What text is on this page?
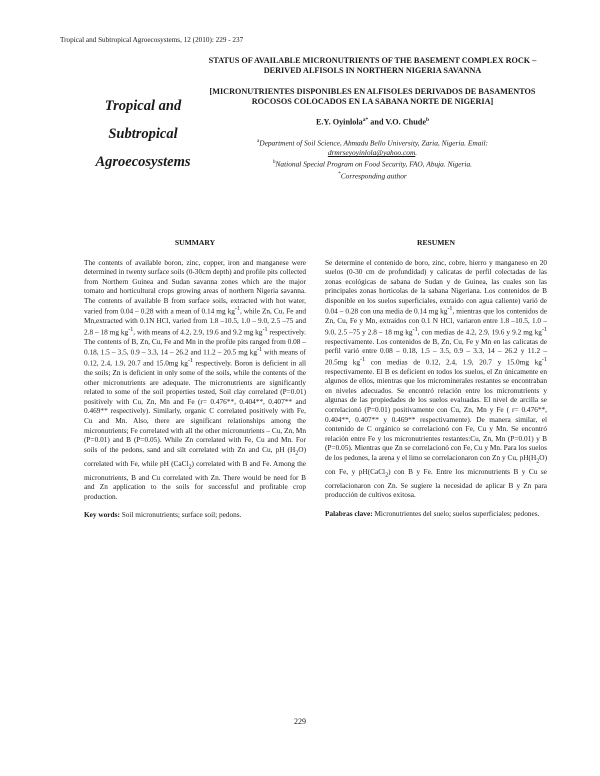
Tropical and Subtropical Agroecosystems, 12 (2010): 229 - 237
Tropical and
Subtropical
Agroecosystems
STATUS OF AVAILABLE MICRONUTRIENTS OF THE BASEMENT COMPLEX ROCK – DERIVED ALFISOLS IN NORTHERN NIGERIA SAVANNA
[MICRONUTRIENTES DISPONIBLES EN ALFISOLES DERIVADOS DE BASAMENTOS ROCOSOS COLOCADOS EN LA SABANA NORTE DE NIGERIA]
E.Y. Oyinlola$^{a*}$ and V.O. Chude$^b$
$^a$Department of Soil Science, Ahmadu Bello University, Zaria, Nigeria. Email:
drmrseyoyinlola@yahoo.com.
$^b$National Special Program on Food Security, FAO, Abuja. Nigeria.
*Corresponding author
SUMMARY
The contents of available boron, zinc, copper, iron and manganese were determined in twenty surface soils (0-30cm depth) and profile pits collected from Northern Guinea and Sudan savanna zones which are the major tomato and horticultural crops growing areas of northern Nigeria savanna. The contents of available B from surface soils, extracted with hot water, varied from 0.04 – 0.28 with a mean of 0.14 mg $kg^{-1}$, while Zn, Cu, Fe and Mn,extracted with 0.1N HCl, varied from 1.8 –10.5, 1.0 – 9.0, 2.5 –75 and 2.8 – 18 mg $kg^{-1}$, with means of 4.2, 2.9, 19.6 and 9.2 mg $kg^{-1}$ respectively. The contents of B, Zn, Cu, Fe and Mn in the profile pits ranged from 0.08 – 0.18, 1.5 – 3.5, 0.9 – 3.3, 14 – 26.2 and 11.2 – 20.5 mg $kg^{-1}$ with means of 0.12, 2.4, 1.9, 20.7 and 15.0mg $kg^{-1}$ respectively. Boron is deficient in all the soils; Zn is deficient in only some of the soils, while the contents of the other micronutrients are adequate. The micronutrients are significantly related to some of the soil properties tested, Soil clay correlated (P=0.01) positively with Cu, Zn, Mn and Fe (r= 0.476**, 0.404**, 0.407** and 0.469** respectively). Similarly, organic C correlated positively with Fe, Cu and Mn. Also, there are significant relationships among the micronutrients; Fe correlated with all the other micronutrients – Cu, Zn, Mn (P=0.01) and B (P=0.05). While Zn correlated with Fe, Cu and Mn. For soils of the pedons, sand and silt correlated with Zn and Cu, pH $(H_2O)$ correlated with Fe, while pH (CaCl$_2$) correlated with B and Fe. Among the micronutrients, B and Cu correlated with Zn. There would be need for B and Zn application to the soils for successful and profitable crop production.
Key words: Soil micronutrients; surface soil; pedons.
RESUMEN
Se determine el contenido de boro, zinc, cobre, hierro y manganeso en 20 suelos (0-30 cm de profundidad) y calicatas de perfil colectadas de las zonas ecológicas de sabana de Sudan y de Guinea, las cuales son las principales zonas horticolas de la sabana Nigeriana. Los contenidos de B disponible en los suelos superficiales, extraido con agua caliente) varió de 0.04 – 0.28 con una media de 0.14 mg $kg^{-1}$, mientras que los contenidos de Zn, Cu, Fe y Mn, extraidos con 0.1 N HCl, variaron entre 1.8 –10.5, 1.0 – 9.0, 2.5 –75 y 2.8 – 18 mg $kg^{-1}$, con medias de 4.2, 2.9, 19.6 y 9.2 mg $kg^{-1}$ respectivamente. Los contenidos de B, Zn, Cu, Fe y Mn en las calicatas de perfil varió entre 0.08 – 0.18, 1.5 – 3.5, 0.9 – 3.3, 14 – 26.2 y 11.2 – 20.5mg $kg^{-1}$ con medias de 0.12, 2.4, 1.9, 20.7 y 15.0mg $kg^{-1}$ respectivamente. El B es deficient en todos los suelos, el Zn únicamente en algunos de ellos, mientras que los microminerales restantes se encontraban en niveles adecuados. Se encontró relación entre los micronutrients y algunas de las propiedades de los suelos evaluadas. El nivel de arcilla se correlacionó (P=0.01) positivamente con Cu, Zn, Mn y Fe ( r= 0.476**, 0.404**, 0.407** y 0.469** respectivamente). De manera similar, el contenido de C orgánico se correlacionó con Fe, Cu y Mn. Se encontró relación entre Fe y los micronutrientes restantes:Cu, Zn, Mn (P=0.01) y B (P=0.05). Mientras que Zn se correlacionó con Fe, Cu y Mn. Para los suelos de los pedones, la arena y el limo se correlacionaron con Zn y Cu, $pH(H_2O)$ con Fe, y pH(CaCl$_2$) con B y Fe. Entre los micronutrients B y Cu se correlacionaron con Zn. Se sugiere la necesidad de aplicar B y Zn para producción de cultivos exitosa.
Palabras clave: Micronutrientes del suelo; suelos superficiales; pedones.
229
